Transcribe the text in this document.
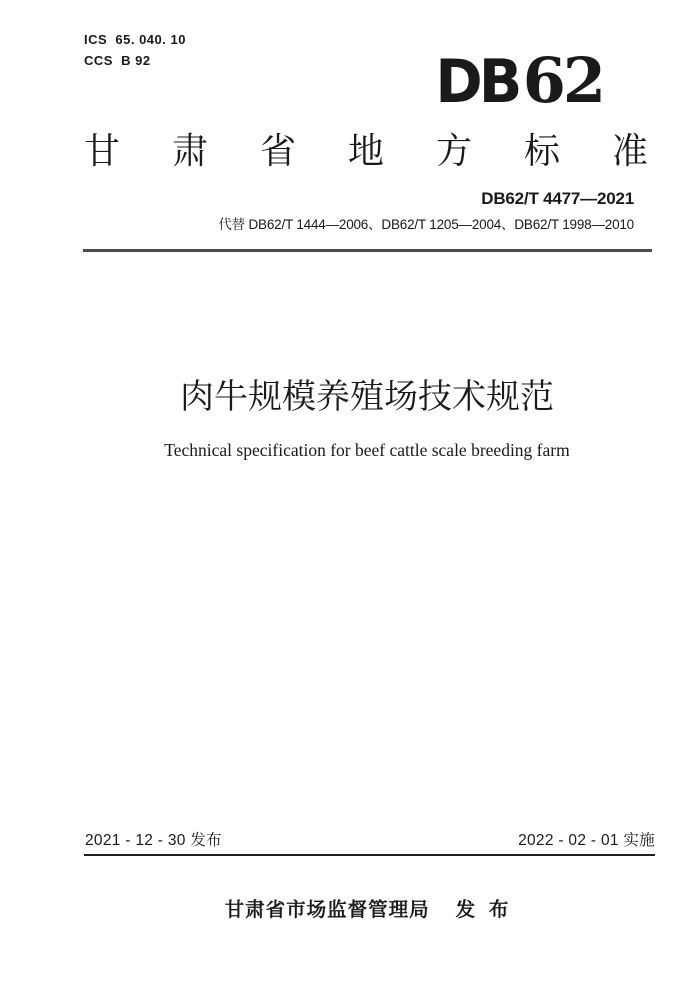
ICS  65. 040. 10
CCS  B 92	DB62
甘肃省地方标准
DB62/T 4477—2021
代替 DB62/T 1444—2006、DB62/T 1205—2004、DB62/T 1998—2010
肉牛规模养殖场技术规范
Technical specification for beef cattle scale breeding farm
2021 - 12 - 30 发布	2022 - 02 - 01 实施
甘肃省市场监督管理局 发  布
